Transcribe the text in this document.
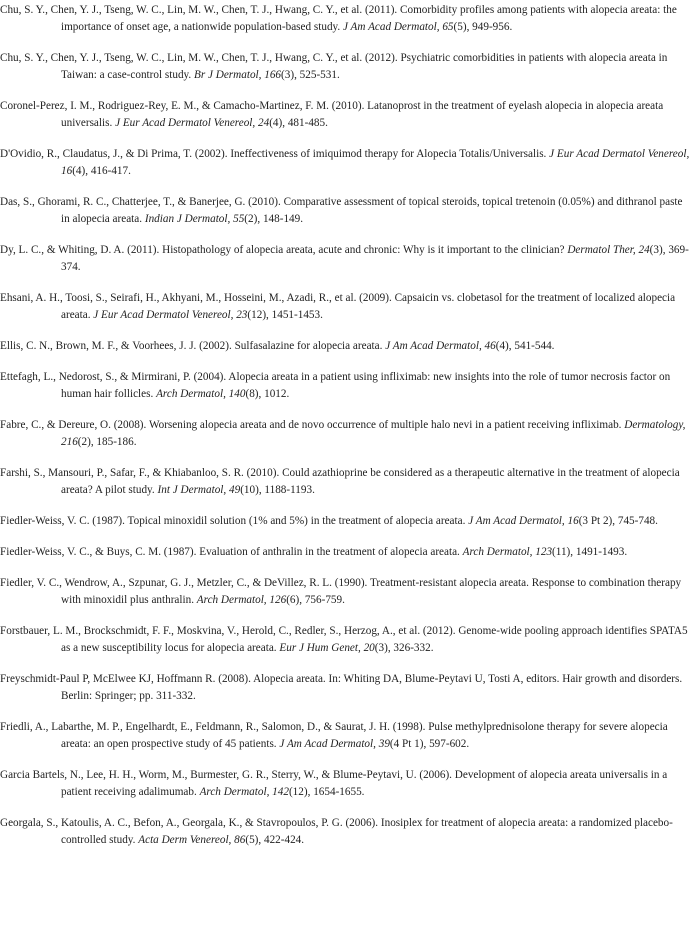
Chu, S. Y., Chen, Y. J., Tseng, W. C., Lin, M. W., Chen, T. J., Hwang, C. Y., et al. (2011). Comorbidity profiles among patients with alopecia areata: the importance of onset age, a nationwide population-based study. J Am Acad Dermatol, 65(5), 949-956.

Chu, S. Y., Chen, Y. J., Tseng, W. C., Lin, M. W., Chen, T. J., Hwang, C. Y., et al. (2012). Psychiatric comorbidities in patients with alopecia areata in Taiwan: a case-control study. Br J Dermatol, 166(3), 525-531.

Coronel-Perez, I. M., Rodriguez-Rey, E. M., & Camacho-Martinez, F. M. (2010). Latanoprost in the treatment of eyelash alopecia in alopecia areata universalis. J Eur Acad Dermatol Venereol, 24(4), 481-485.

D'Ovidio, R., Claudatus, J., & Di Prima, T. (2002). Ineffectiveness of imiquimod therapy for Alopecia Totalis/Universalis. J Eur Acad Dermatol Venereol, 16(4), 416-417.

Das, S., Ghorami, R. C., Chatterjee, T., & Banerjee, G. (2010). Comparative assessment of topical steroids, topical tretenoin (0.05%) and dithranol paste in alopecia areata. Indian J Dermatol, 55(2), 148-149.

Dy, L. C., & Whiting, D. A. (2011). Histopathology of alopecia areata, acute and chronic: Why is it important to the clinician? Dermatol Ther, 24(3), 369-374.

Ehsani, A. H., Toosi, S., Seirafi, H., Akhyani, M., Hosseini, M., Azadi, R., et al. (2009). Capsaicin vs. clobetasol for the treatment of localized alopecia areata. J Eur Acad Dermatol Venereol, 23(12), 1451-1453.

Ellis, C. N., Brown, M. F., & Voorhees, J. J. (2002). Sulfasalazine for alopecia areata. J Am Acad Dermatol, 46(4), 541-544.

Ettefagh, L., Nedorost, S., & Mirmirani, P. (2004). Alopecia areata in a patient using infliximab: new insights into the role of tumor necrosis factor on human hair follicles. Arch Dermatol, 140(8), 1012.

Fabre, C., & Dereure, O. (2008). Worsening alopecia areata and de novo occurrence of multiple halo nevi in a patient receiving infliximab. Dermatology, 216(2), 185-186.

Farshi, S., Mansouri, P., Safar, F., & Khiabanloo, S. R. (2010). Could azathioprine be considered as a therapeutic alternative in the treatment of alopecia areata? A pilot study. Int J Dermatol, 49(10), 1188-1193.

Fiedler-Weiss, V. C. (1987). Topical minoxidil solution (1% and 5%) in the treatment of alopecia areata. J Am Acad Dermatol, 16(3 Pt 2), 745-748.

Fiedler-Weiss, V. C., & Buys, C. M. (1987). Evaluation of anthralin in the treatment of alopecia areata. Arch Dermatol, 123(11), 1491-1493.

Fiedler, V. C., Wendrow, A., Szpunar, G. J., Metzler, C., & DeVillez, R. L. (1990). Treatment-resistant alopecia areata. Response to combination therapy with minoxidil plus anthralin. Arch Dermatol, 126(6), 756-759.

Forstbauer, L. M., Brockschmidt, F. F., Moskvina, V., Herold, C., Redler, S., Herzog, A., et al. (2012). Genome-wide pooling approach identifies SPATA5 as a new susceptibility locus for alopecia areata. Eur J Hum Genet, 20(3), 326-332.

Freyschmidt-Paul P, McElwee KJ, Hoffmann R. (2008). Alopecia areata. In: Whiting DA, Blume-Peytavi U, Tosti A, editors. Hair growth and disorders. Berlin: Springer; pp. 311-332.

Friedli, A., Labarthe, M. P., Engelhardt, E., Feldmann, R., Salomon, D., & Saurat, J. H. (1998). Pulse methylprednisolone therapy for severe alopecia areata: an open prospective study of 45 patients. J Am Acad Dermatol, 39(4 Pt 1), 597-602.

Garcia Bartels, N., Lee, H. H., Worm, M., Burmester, G. R., Sterry, W., & Blume-Peytavi, U. (2006). Development of alopecia areata universalis in a patient receiving adalimumab. Arch Dermatol, 142(12), 1654-1655.

Georgala, S., Katoulis, A. C., Befon, A., Georgala, K., & Stavropoulos, P. G. (2006). Inosiplex for treatment of alopecia areata: a randomized placebo-controlled study. Acta Derm Venereol, 86(5), 422-424.
